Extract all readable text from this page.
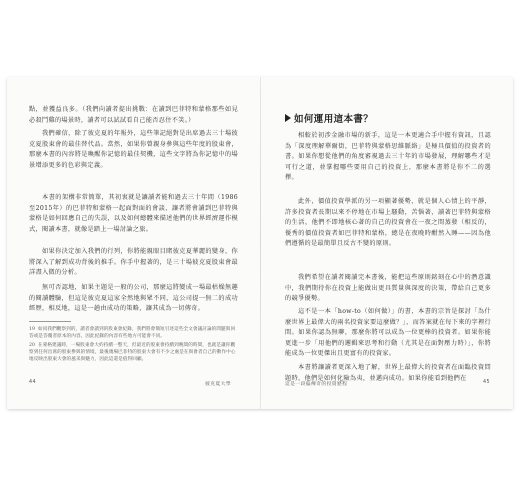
點，並獲益良多。（我們向讀者提出挑戰：在讀到巴菲特和蒙格那些如見必殺鬥雞的場景時，讀者可以試試看自己能否忍住不笑。）

我們確信，除了彼克夏的年報外，這些筆記絕對是出席過去三十場彼克夏股東會的最佳替代品。當然，如果你曾親身參與這些年度的股東會，那麼本書的內容將是喚醒你記憶的最佳契機，這些文字將為你記憶中的場景增添更多的色彩與定義。

本書的架構非常簡單，其初衷就是讓讀者能和過去三十年間（1986至2015年）的巴菲特和蒙格一起面對面的會談，讓者將會讀到巴菲特與蒙格是如何回應自己的失誤，以及如何總體來描述他們的世界經濟運作模式，閱讀本書，就像是踏上一場討論之旅。

如果你決定加入我們的行列，你將能親眼目睹彼克夏華麗的變身，你將深入了解到成功背後的推手。你手中握著的，是三十場彼克夏股東會最詳盡入微的分析。

無可否認地，如果主題是一般的公司，那麼這將變成一場最枯燥無趣的閱讀體驗，但這是彼克夏這家全然地與眾不同，這公司提一無二的成功經歷，相反地，這是一趟由成功的策略，讓其成為一切傳奇。

19 如同我們觀察到的，讀者會讀到的股東會紀錄，我們將會簡短引述這些全文會議討論的問題與回答或是答覆者原本的內容，因此紀錄的內容有些地方可能會不同。

20 在蒙格建議時，一場股東會大約持續一整天，但最近的股東會持續到晚間的時間，也就是讓你觀察到任何出席的股東參與的情境，最後幾場巴菲特的股東大會有不少之處是在與會者自己的動作中心地反映出股東大會的風采與魅力，因此這還是值得回顧。

44	彼克夏大學
如何運用這本書？

相較於初涉金融市場的新手，這是一本更適合手中握有資訊，且認為「深度理解華爾街，巴菲特與蒙格思維脈絡」是極具價值的投資者的書。如果你想從他們的角度審視過去三十年的市場發展，理解哪些才是可行之道，並掌握哪些要用自己的投資上，那麼本書將是你不二的選擇。

此外，價值投資學派的另一項顯著優勢，就是個人心情上的平靜，許多投資者長期以來不停地在市場上騷動，苦惱著，讀著巴菲特與蒙格的生活，他們不即地核心著的自己的投資會在一夜之間蒸發（相反的，優秀的價值投資者如巴菲特和蒙格，總是在夜晚時酣然入睡——因為他們遵循的是最簡單且反古不變的原則。

我們希望在讀者閱讀完本書後，能把這些原則銘刻在心中的潛意識中，我們期待你在投資上能做出更具質量與深度的決策，帶給自己更多的競爭優勢。

這不是一本「how-to（如何做）」的書，本書的宗旨是探討「為什麼世界上最偉大的兩名投資家要這麼做？」，而答案就在每下來的字裡行間。如果你認為無聊，那麼你將可以成為一位更棒的投資者。如果你能更進一步「用他們的邏輯來思考和行動（尤其是在面對壓力時）」，你將能成為一位更傑出且更富有的投資家。

本書將讓讀者更深入地了解，世界上最偉大的投資者在面臨投資問題時，他們是如何化險為夷，並邁向成功。如果你能看到他們在

這是一段偏傳奇的投資歷程	45
